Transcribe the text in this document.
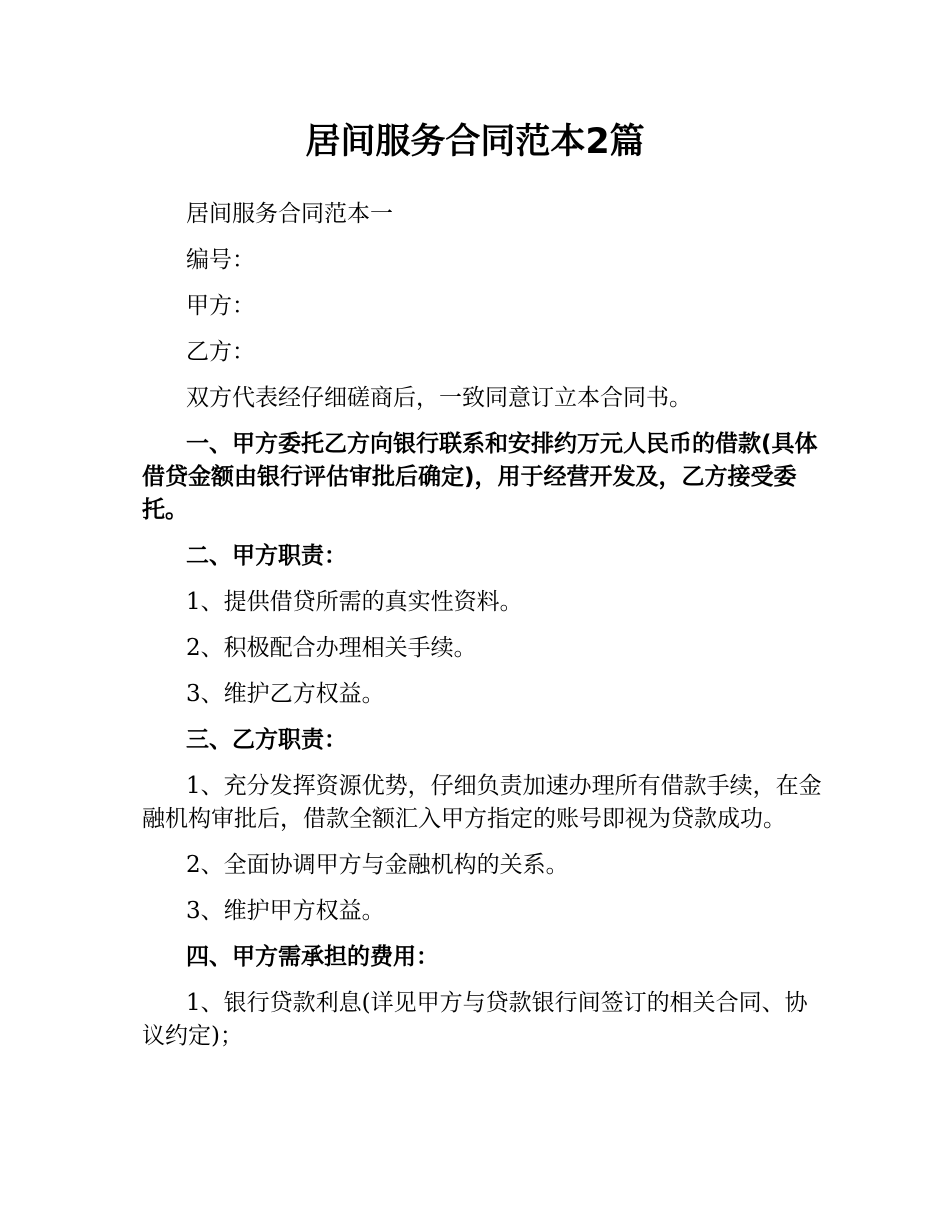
居间服务合同范本2篇

居间服务合同范本一

编号：

甲方：

乙方：

双方代表经仔细磋商后，一致同意订立本合同书。

一、甲方委托乙方向银行联系和安排约万元人民币的借款(具体借贷金额由银行评估审批后确定)，用于经营开发及，乙方接受委托。

二、甲方职责：

1、提供借贷所需的真实性资料。

2、积极配合办理相关手续。

3、维护乙方权益。

三、乙方职责：

1、充分发挥资源优势，仔细负责加速办理所有借款手续，在金融机构审批后，借款全额汇入甲方指定的账号即视为贷款成功。

2、全面协调甲方与金融机构的关系。

3、维护甲方权益。

四、甲方需承担的费用：

1、银行贷款利息(详见甲方与贷款银行间签订的相关合同、协议约定)；
